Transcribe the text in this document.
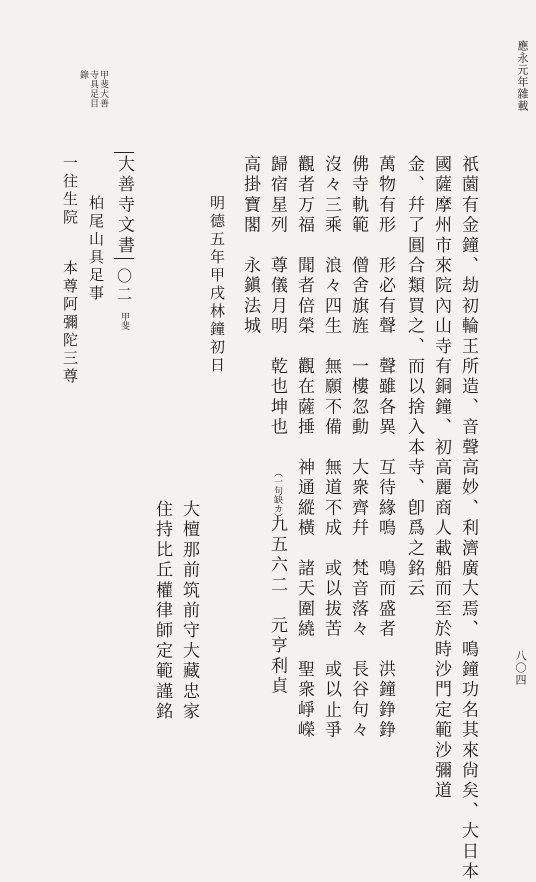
應永元年雜載
八〇四
甲斐大善
寺具足目
錄
祇薗有金鐘、劫初輪王所造、音聲高妙、利濟廣大焉、鳴鐘功名其來尙矣、大日本
國薩摩州市來院內山寺有銅鐘、初高麗商人載船而至於時沙門定範沙彌道
金、幷了圓合類買之、而以捨入本寺、卽爲之銘云
萬物有形　形必有聲　聲雖各異　互待緣鳴　鳴而盛者　洪鐘錚錚
佛寺軌範　僧舍旗旌　一樓忽動　大衆齊幷　梵音落々　長谷句々
沒々三乘　浪々四生　無願不備　無道不成　或以拔苦　或以止爭
觀者万福　聞者倍榮　觀在薩捶　神通縱橫　諸天圍繞　聖衆崢嶸
歸宿星列　尊儀月明　乾也坤也　
（一句缺カ）
九五六二　元亨利貞
高掛寶閣　永鎭法城
明德五年甲戌林鐘初日
大檀那前筑前守大藏忠家
住持比丘權律師定範謹銘
大善寺文書 〇二 甲斐
柏尾山具足事
一往生院
本尊阿彌陀三尊
